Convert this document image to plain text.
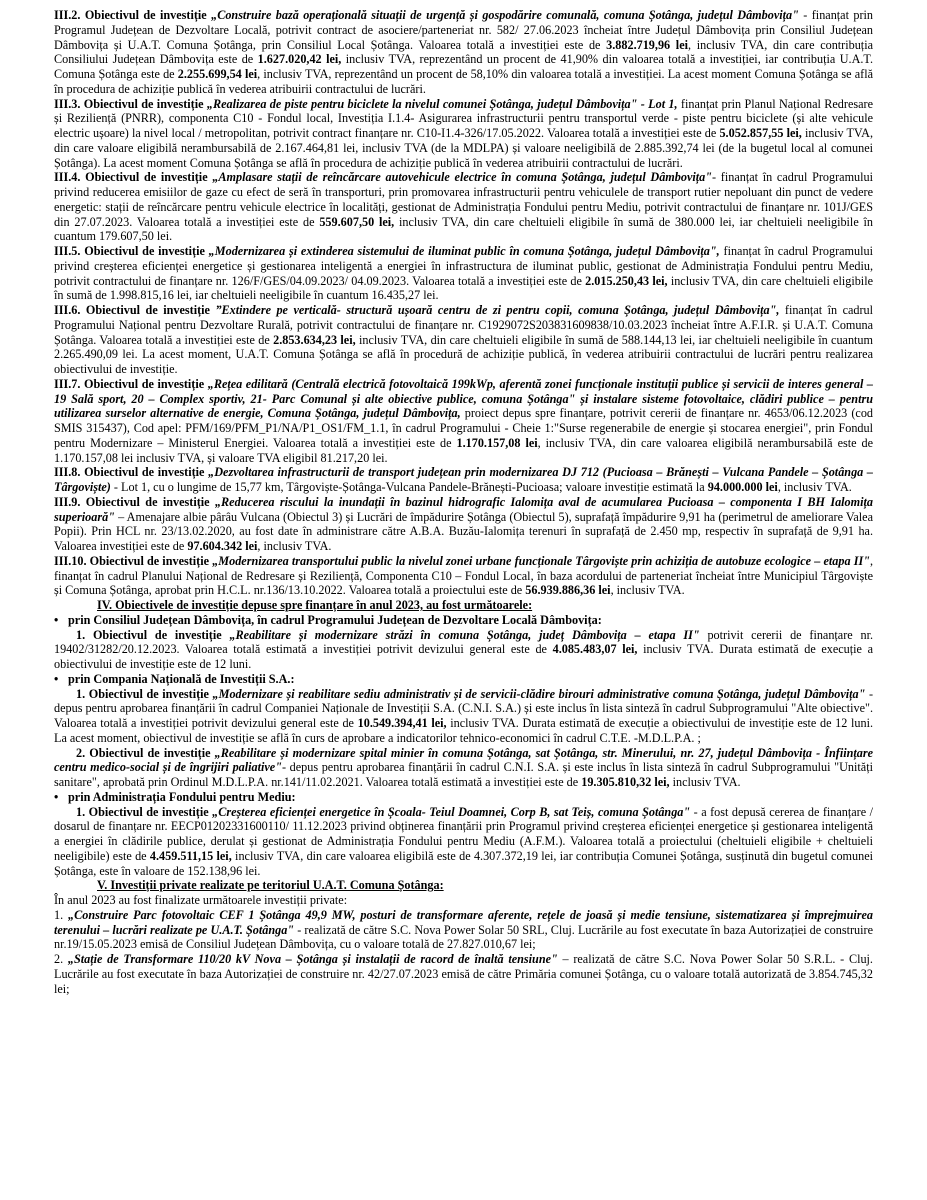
III.2. Obiectivul de investiție „Construire bază operațională situații de urgență și gospodărire comunală, comuna Șotânga, județul Dâmbovița" - finanțat prin Programul Județean de Dezvoltare Locală, potrivit contract de asociere/parteneriat nr. 582/ 27.06.2023 încheiat între Județul Dâmbovița prin Consiliul Județean Dâmbovița și U.A.T. Comuna Șotânga, prin Consiliul Local Șotânga. Valoarea totală a investiției este de 3.882.719,96 lei, inclusiv TVA, din care contribuția Consiliului Județean Dâmbovița este de 1.627.020,42 lei, inclusiv TVA, reprezentând un procent de 41,90% din valoarea totală a investiției, iar contribuția U.A.T. Comuna Șotânga este de 2.255.699,54 lei, inclusiv TVA, reprezentând un procent de 58,10% din valoarea totală a investiției. La acest moment Comuna Șotânga se află în procedura de achiziție publică în vederea atribuirii contractului de lucrări.

III.3. Obiectivul de investiție „Realizarea de piste pentru biciclete la nivelul comunei Șotânga, județul Dâmbovița" - Lot 1, finanțat prin Planul Național Redresare și Reziliență (PNRR), componenta C10 - Fondul local, Investiția I.1.4- Asigurarea infrastructurii pentru transportul verde - piste pentru biciclete (și alte vehicule electric ușoare) la nivel local / metropolitan, potrivit contract finanțare nr. C10-I1.4-326/17.05.2022. Valoarea totală a investiției este de 5.052.857,55 lei, inclusiv TVA, din care valoare eligibilă nerambursabilă de 2.167.464,81 lei, inclusiv TVA (de la MDLPA) și valoare neeligibilă de 2.885.392,74 lei (de la bugetul local al comunei Șotânga). La acest moment Comuna Șotânga se află în procedura de achiziție publică în vederea atribuirii contractului de lucrări.

III.4. Obiectivul de investiție „Amplasare stații de reîncărcare autovehicule electrice în comuna Șotânga, județul Dâmbovița"- finanțat în cadrul Programului privind reducerea emisiilor de gaze cu efect de seră în transporturi, prin promovarea infrastructurii pentru vehiculele de transport rutier nepoluant din punct de vedere energetic: stații de reîncărcare pentru vehicule electrice în localități, gestionat de Administrația Fondului pentru Mediu, potrivit contractului de finanțare nr. 101J/GES din 27.07.2023. Valoarea totală a investiției este de 559.607,50 lei, inclusiv TVA, din care cheltuieli eligibile în sumă de 380.000 lei, iar cheltuieli neeligibile în cuantum 179.607,50 lei.

III.5. Obiectivul de investiție „Modernizarea și extinderea sistemului de iluminat public în comuna Șotânga, județul Dâmbovița", finanțat în cadrul Programului privind creșterea eficienței energetice și gestionarea inteligentă a energiei în infrastructura de iluminat public, gestionat de Administrația Fondului pentru Mediu, potrivit contractului de finanțare nr. 126/F/GES/04.09.2023/ 04.09.2023. Valoarea totală a investiției este de 2.015.250,43 lei, inclusiv TVA, din care cheltuieli eligibile în sumă de 1.998.815,16 lei, iar cheltuieli neeligibile în cuantum 16.435,27 lei.

III.6. Obiectivul de investiție ”Extindere pe verticală- structură ușoară centru de zi pentru copii, comuna Șotânga, județul Dâmbovița", finanțat în cadrul Programului Național pentru Dezvoltare Rurală, potrivit contractului de finanțare nr. C1929072S203831609838/10.03.2023 încheiat între A.F.I.R. și U.A.T. Comuna Șotânga. Valoarea totală a investiției este de 2.853.634,23 lei, inclusiv TVA, din care cheltuieli eligibile în sumă de 588.144,13 lei, iar cheltuieli neeligibile în cuantum 2.265.490,09 lei. La acest moment, U.A.T. Comuna Șotânga se află în procedură de achiziție publică, în vederea atribuirii contractului de lucrări pentru realizarea obiectivului de investiție.

III.7. Obiectivul de investiție „Rețea edilitară (Centrală electrică fotovoltaică 199kWp, aferentă zonei funcționale instituții publice și servicii de interes general – 19 Sală sport, 20 – Complex sportiv, 21- Parc Comunal și alte obiective publice, comuna Șotânga" și instalare sisteme fotovoltaice, clădiri publice – pentru utilizarea surselor alternative de energie, Comuna Șotânga, județul Dâmbovița, proiect depus spre finanțare, potrivit cererii de finanțare nr. 4653/06.12.2023 (cod SMIS 315437), Cod apel: PFM/169/PFM_P1/NA/P1_OS1/FM_1.1, în cadrul Programului - Cheie 1:"Surse regenerabile de energie și stocarea energiei", prin Fondul pentru Modernizare – Ministerul Energiei. Valoarea totală a investiției este de 1.170.157,08 lei, inclusiv TVA, din care valoarea eligibilă nerambursabilă este de 1.170.157,08 lei inclusiv TVA, și valoare TVA eligibil 81.217,20 lei.

III.8. Obiectivul de investiție „Dezvoltarea infrastructurii de transport județean prin modernizarea DJ 712 (Pucioasa – Brănești – Vulcana Pandele – Șotânga – Târgoviște) - Lot 1, cu o lungime de 15,77 km, Târgoviște-Șotânga-Vulcana Pandele-Brănești-Pucioasa; valoare investiție estimată la 94.000.000 lei, inclusiv TVA.

III.9. Obiectivul de investiție „Reducerea riscului la inundații în bazinul hidrografic Ialomița aval de acumularea Pucioasa – componenta I BH Ialomița superioară" – Amenajare albie pârâu Vulcana (Obiectul 3) și Lucrări de împădurire Șotânga (Obiectul 5), suprafață împădurire 9,91 ha (perimetrul de ameliorare Valea Popii). Prin HCL nr. 23/13.02.2020, au fost date în administrare către A.B.A. Buzău-Ialomița terenuri în suprafață de 2.450 mp, respectiv în suprafață de 9,91 ha. Valoarea investiției este de 97.604.342 lei, inclusiv TVA.

III.10. Obiectivul de investiție „Modernizarea transportului public la nivelul zonei urbane funcționale Târgoviște prin achiziția de autobuze ecologice – etapa II", finanțat în cadrul Planului Național de Redresare și Reziliență, Componenta C10 – Fondul Local, în baza acordului de parteneriat încheiat între Municipiul Târgoviște și Comuna Șotânga, aprobat prin H.C.L. nr.136/13.10.2022. Valoarea totală a proiectului este de 56.939.886,36 lei, inclusiv TVA.

IV. Obiectivele de investiție depuse spre finanțare în anul 2023, au fost următoarele:

• prin Consiliul Județean Dâmbovița, în cadrul Programului Județean de Dezvoltare Locală Dâmbovița:

1. Obiectivul de investiție „Reabilitare și modernizare străzi în comuna Șotânga, județ Dâmbovița – etapa II" potrivit cererii de finanțare nr. 19402/31282/20.12.2023. Valoarea totală estimată a investiției potrivit devizului general este de 4.085.483,07 lei, inclusiv TVA. Durata estimată de execuție a obiectivului de investiție este de 12 luni.

• prin Compania Națională de Investiții S.A.:

1. Obiectivul de investiție „Modernizare și reabilitare sediu administrativ și de servicii-clădire birouri administrative comuna Șotânga, județul Dâmbovița" - depus pentru aprobarea finanțării în cadrul Companiei Naționale de Investiții S.A. (C.N.I. S.A.) și este inclus în lista sinteză în cadrul Subprogramului "Alte obiective". Valoarea totală a investiției potrivit devizului general este de 10.549.394,41 lei, inclusiv TVA. Durata estimată de execuție a obiectivului de investiție este de 12 luni. La acest moment, obiectivul de investiție se află în curs de aprobare a indicatorilor tehnico-economici în cadrul C.T.E. -M.D.L.P.A. ;

2. Obiectivul de investiție „Reabilitare și modernizare spital minier în comuna Șotânga, sat Șotânga, str. Minerului, nr. 27, județul Dâmbovița - Înființare centru medico-social și de îngrijiri paliative"- depus pentru aprobarea finanțării în cadrul C.N.I. S.A. și este inclus în lista sinteză în cadrul Subprogramului "Unități sanitare", aprobată prin Ordinul M.D.L.P.A. nr.141/11.02.2021. Valoarea totală estimată a investiției este de 19.305.810,32 lei, inclusiv TVA.

• prin Administrația Fondului pentru Mediu:

1. Obiectivul de investiție „Creșterea eficienței energetice în Școala- Teiul Doamnei, Corp B, sat Teiș, comuna Șotânga" - a fost depusă cererea de finanțare / dosarul de finanțare nr. EECP01202331600110/ 11.12.2023 privind obținerea finanțării prin Programul privind creșterea eficienței energetice și gestionarea inteligentă a energiei în clădirile publice, derulat și gestionat de Administrația Fondului pentru Mediu (A.F.M.). Valoarea totală a proiectului (cheltuieli eligibile + cheltuieli neeligibile) este de 4.459.511,15 lei, inclusiv TVA, din care valoarea eligibilă este de 4.307.372,19 lei, iar contribuția Comunei Șotânga, susținută din bugetul comunei Șotânga, este în valoare de 152.138,96 lei.

V. Investiții private realizate pe teritoriul U.A.T. Comuna Șotânga:

În anul 2023 au fost finalizate următoarele investiții private:

1. „Construire Parc fotovoltaic CEF 1 Șotânga 49,9 MW, posturi de transformare aferente, rețele de joasă și medie tensiune, sistematizarea și împrejmuirea terenului – lucrări realizate pe U.A.T. Șotânga" - realizată de către S.C. Nova Power Solar 50 SRL, Cluj. Lucrările au fost executate în baza Autorizației de construire nr.19/15.05.2023 emisă de Consiliul Județean Dâmbovița, cu o valoare totală de 27.827.010,67 lei;

2. „Stație de Transformare 110/20 kV Nova – Șotânga și instalații de racord de înaltă tensiune" – realizată de către S.C. Nova Power Solar 50 S.R.L. - Cluj. Lucrările au fost executate în baza Autorizației de construire nr. 42/27.07.2023 emisă de către Primăria comunei Șotânga, cu o valoare totală autorizată de 3.854.745,32 lei;
